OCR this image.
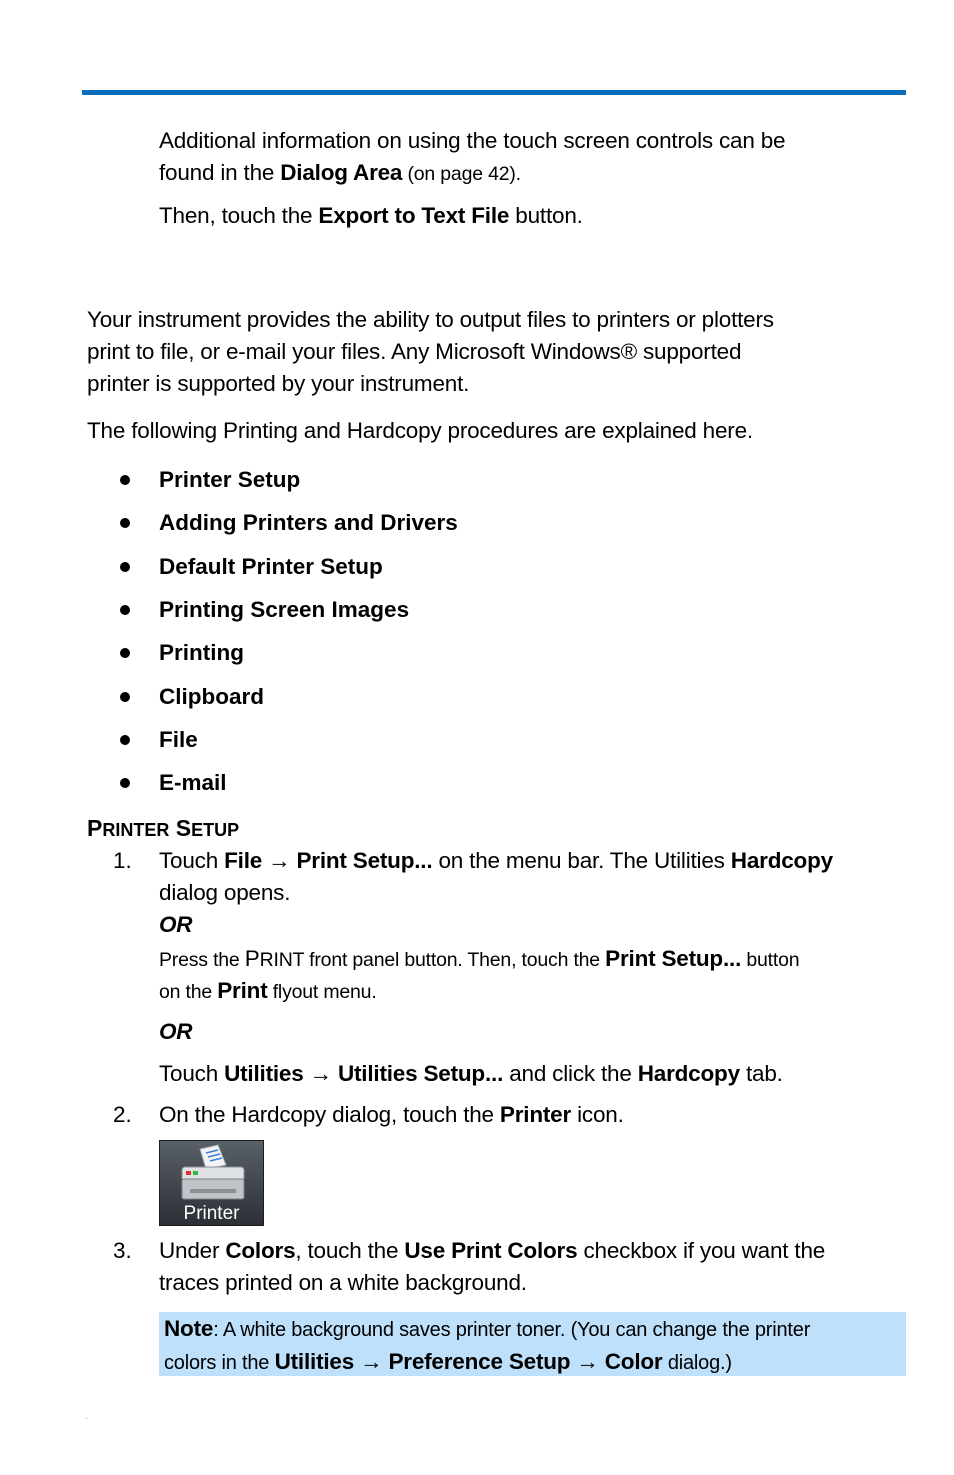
Additional information on using the touch screen controls can be
found in the Dialog Area (on page 42).
Then, touch the Export to Text File button.
Your instrument provides the ability to output files to printers or plotters
print to file, or e-mail your files. Any Microsoft Windows® supported
printer is supported by your instrument.
The following Printing and Hardcopy procedures are explained here.
Printer Setup
Adding Printers and Drivers
Default Printer Setup
Printing Screen Images
Printing
Clipboard
File
E-mail
PRINTER SETUP
1. Touch File → Print Setup... on the menu bar. The Utilities Hardcopy
dialog opens.
OR
Press the PRINT front panel button. Then, touch the Print Setup... button
on the Print flyout menu.
OR
Touch Utilities → Utilities Setup... and click the Hardcopy tab.
2. On the Hardcopy dialog, touch the Printer icon.
Printer
3. Under Colors, touch the Use Print Colors checkbox if you want the
traces printed on a white background.
Note: A white background saves printer toner. (You can change the printer
colors in the Utilities → Preference Setup → Color dialog.)
